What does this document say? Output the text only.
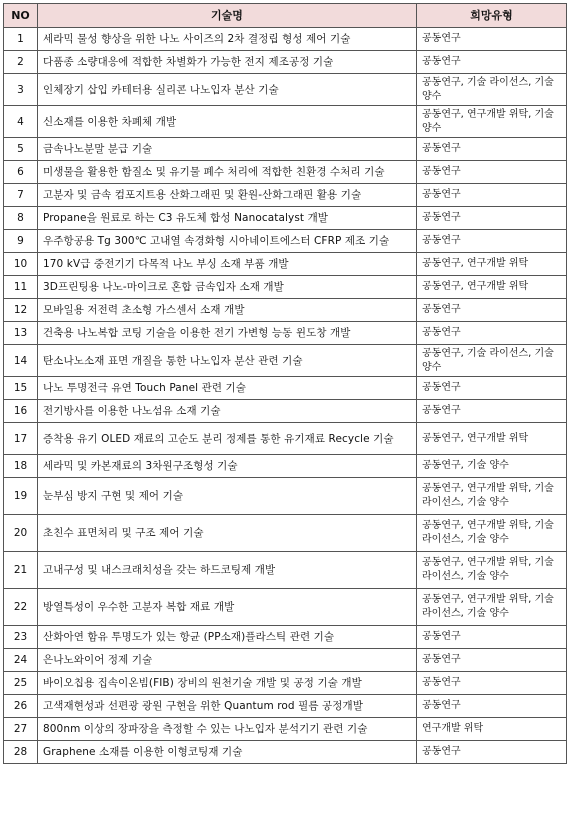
NO	기술명	희망유형
1	세라믹 물성 향상을 위한 나노 사이즈의 2차 결정립 형성 제어 기술	공동연구
2	다품종 소량대응에 적합한 차별화가 가능한 전지 제조공정 기술	공동연구
3	인체장기 삽입 카테터용 실리콘 나노입자 분산 기술	공동연구, 기술 라이선스, 기술 양수
4	신소재를 이용한 차폐체 개발	공동연구, 연구개발 위탁, 기술 양수
5	금속나노분말 분급 기술	공동연구
6	미생물을 활용한 함질소 및 유기물 폐수 처리에 적합한 친환경 수처리 기술	공동연구
7	고분자 및 금속 컴포지트용 산화그래핀 및 환원-산화그래핀 활용 기술	공동연구
8	Propane을 원료로 하는 C3 유도체 합성 Nanocatalyst 개발	공동연구
9	우주항공용 Tg 300℃ 고내열 속경화형 시아네이트에스터 CFRP 제조 기술	공동연구
10	170 kV급 중전기기 다목적 나노 부싱 소재 부품 개발	공동연구, 연구개발 위탁
11	3D프린팅용 나노-마이크로 혼합 금속입자 소재 개발	공동연구, 연구개발 위탁
12	모바일용 저전력 초소형 가스센서 소재 개발	공동연구
13	건축용 나노복합 코팅 기술을 이용한 전기 가변형 능동 윈도창 개발	공동연구
14	탄소나노소재 표면 개질을 통한 나노입자 분산 관련 기술	공동연구, 기술 라이선스, 기술 양수
15	나노 투명전극 유연 Touch Panel 관련 기술	공동연구
16	전기방사를 이용한 나노섬유 소재 기술	공동연구
17	증착용 유기 OLED 재료의 고순도 분리 정제를 통한 유기재료 Recycle 기술	공동연구, 연구개발 위탁
18	세라믹 및 카본재료의 3차원구조형성 기술	공동연구, 기술 양수
19	눈부심 방지 구현 및 제어 기술	공동연구, 연구개발 위탁, 기술 라이선스, 기술 양수
20	초친수 표면처리 및 구조 제어 기술	공동연구, 연구개발 위탁, 기술 라이선스, 기술 양수
21	고내구성 및 내스크래치성을 갖는 하드코팅제 개발	공동연구, 연구개발 위탁, 기술 라이선스, 기술 양수
22	방열특성이 우수한 고분자 복합 재료 개발	공동연구, 연구개발 위탁, 기술 라이선스, 기술 양수
23	산화아연 함유 투명도가 있는 항균 (PP소재)플라스틱 관련 기술	공동연구
24	은나노와이어 정제 기술	공동연구
25	바이오칩용 집속이온빔(FIB) 장비의 원천기술 개발 및 공정 기술 개발	공동연구
26	고색재현성과 선편광 광원 구현을 위한 Quantum rod 필름 공정개발	공동연구
27	800nm 이상의 장파장을 측정할 수 있는 나노입자 분석기기 관련 기술	연구개발 위탁
28	Graphene 소재를 이용한 이형코팅재 기술	공동연구
